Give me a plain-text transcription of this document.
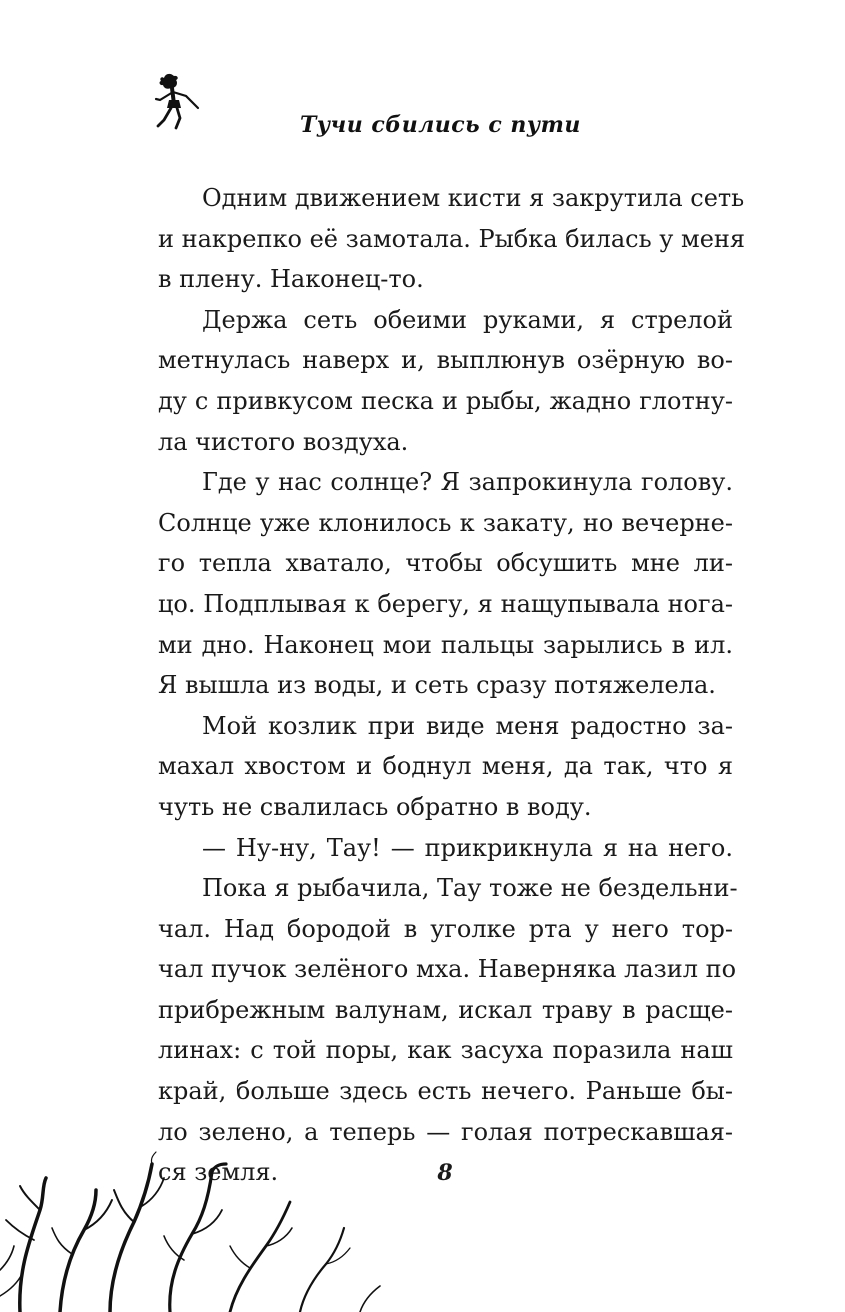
Тучи сбились с пути
Одним движением кисти я закрутила сеть
и накрепко её замотала. Рыбка билась у меня
в плену. Наконец-то.
Держа сеть обеими руками, я стрелой
метнулась наверх и, выплюнув озёрную во-
ду с привкусом песка и рыбы, жадно глотну-
ла чистого воздуха.
Где у нас солнце? Я запрокинула голову.
Солнце уже клонилось к закату, но вечерне-
го тепла хватало, чтобы обсушить мне ли-
цо. Подплывая к берегу, я нащупывала нога-
ми дно. Наконец мои пальцы зарылись в ил.
Я вышла из воды, и сеть сразу потяжелела.
Мой козлик при виде меня радостно за-
махал хвостом и боднул меня, да так, что я
чуть не свалилась обратно в воду.
— Ну-ну, Тау! — прикрикнула я на него.
Пока я рыбачила, Тау тоже не бездельни-
чал. Над бородой в уголке рта у него тор-
чал пучок зелёного мха. Наверняка лазил по
прибрежным валунам, искал траву в расще-
линах: с той поры, как засуха поразила наш
край, больше здесь есть нечего. Раньше бы-
ло зелено, а теперь — голая потрескавшая-
ся земля.	8
